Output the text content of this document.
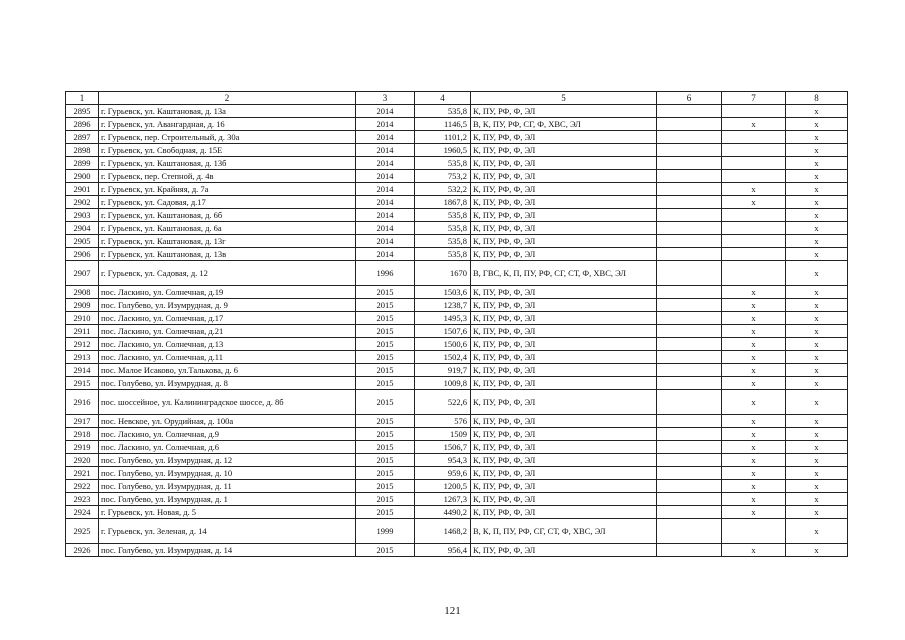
1	2	3	4	5	6	7	8
2895	г. Гурьевск, ул. Каштановая, д. 13а	2014	535,8	К, ПУ, РФ, Ф, ЭЛ			х
2896	г. Гурьевск, ул. Авангардная, д. 16	2014	1146,5	В, К, ПУ, РФ, СГ, Ф, ХВС, ЭЛ		х	х
2897	г. Гурьевск, пер. Строительный, д. 30а	2014	1101,2	К, ПУ, РФ, Ф, ЭЛ			х
2898	г. Гурьевск, ул. Свободная, д. 15Е	2014	1960,5	К, ПУ, РФ, Ф, ЭЛ			х
2899	г. Гурьевск, ул. Каштановая, д. 13б	2014	535,8	К, ПУ, РФ, Ф, ЭЛ			х
2900	г. Гурьевск, пер. Степной, д. 4в	2014	753,2	К, ПУ, РФ, Ф, ЭЛ			х
2901	г. Гурьевск, ул. Крайняя, д. 7а	2014	532,2	К, ПУ, РФ, Ф, ЭЛ		х	х
2902	г. Гурьевск, ул. Садовая, д.17	2014	1867,8	К, ПУ, РФ, Ф, ЭЛ		х	х
2903	г. Гурьевск, ул. Каштановая, д. 6б	2014	535,8	К, ПУ, РФ, Ф, ЭЛ			х
2904	г. Гурьевск, ул. Каштановая, д. 6а	2014	535,8	К, ПУ, РФ, Ф, ЭЛ			х
2905	г. Гурьевск, ул. Каштановая, д. 13г	2014	535,8	К, ПУ, РФ, Ф, ЭЛ			х
2906	г. Гурьевск, ул. Каштановая, д. 13в	2014	535,8	К, ПУ, РФ, Ф, ЭЛ			х
2907	г. Гурьевск, ул. Садовая, д. 12	1996	1670	В, ГВС, К, П, ПУ, РФ, СГ, СТ, Ф, ХВС, ЭЛ			х
2908	пос. Ласкино, ул. Солнечная, д.19	2015	1503,6	К, ПУ, РФ, Ф, ЭЛ		х	х
2909	пос. Голубево, ул. Изумрудная, д. 9	2015	1238,7	К, ПУ, РФ, Ф, ЭЛ		х	х
2910	пос. Ласкино, ул. Солнечная, д.17	2015	1495,3	К, ПУ, РФ, Ф, ЭЛ		х	х
2911	пос. Ласкино, ул. Солнечная, д.21	2015	1507,6	К, ПУ, РФ, Ф, ЭЛ		х	х
2912	пос. Ласкино, ул. Солнечная, д.13	2015	1500,6	К, ПУ, РФ, Ф, ЭЛ		х	х
2913	пос. Ласкино, ул. Солнечная, д.11	2015	1502,4	К, ПУ, РФ, Ф, ЭЛ		х	х
2914	пос. Малое Исаково, ул.Талькова, д. 6	2015	919,7	К, ПУ, РФ, Ф, ЭЛ		х	х
2915	пос. Голубево, ул. Изумрудная, д. 8	2015	1009,8	К, ПУ, РФ, Ф, ЭЛ		х	х
2916	пос. шоссейное, ул. Калининградское шоссе, д. 8б	2015	522,6	К, ПУ, РФ, Ф, ЭЛ		х	х
2917	пос. Невское, ул. Орудийная, д. 100а	2015	576	К, ПУ, РФ, Ф, ЭЛ		х	х
2918	пос. Ласкино, ул. Солнечная, д.9	2015	1509	К, ПУ, РФ, Ф, ЭЛ		х	х
2919	пос. Ласкино, ул. Солнечная, д.6	2015	1506,7	К, ПУ, РФ, Ф, ЭЛ		х	х
2920	пос. Голубево, ул. Изумрудная, д. 12	2015	954,3	К, ПУ, РФ, Ф, ЭЛ		х	х
2921	пос. Голубево, ул. Изумрудная, д. 10	2015	959,6	К, ПУ, РФ, Ф, ЭЛ		х	х
2922	пос. Голубево, ул. Изумрудная, д. 11	2015	1200,5	К, ПУ, РФ, Ф, ЭЛ		х	х
2923	пос. Голубево, ул. Изумрудная, д. 1	2015	1267,3	К, ПУ, РФ, Ф, ЭЛ		х	х
2924	г. Гурьевск, ул. Новая, д. 5	2015	4490,2	К, ПУ, РФ, Ф, ЭЛ		х	х
2925	г. Гурьевск, ул. Зеленая, д. 14	1999	1468,2	В, К, П, ПУ, РФ, СГ, СТ, Ф, ХВС, ЭЛ			х
2926	пос. Голубево, ул. Изумрудная, д. 14	2015	956,4	К, ПУ, РФ, Ф, ЭЛ		х	х
121
